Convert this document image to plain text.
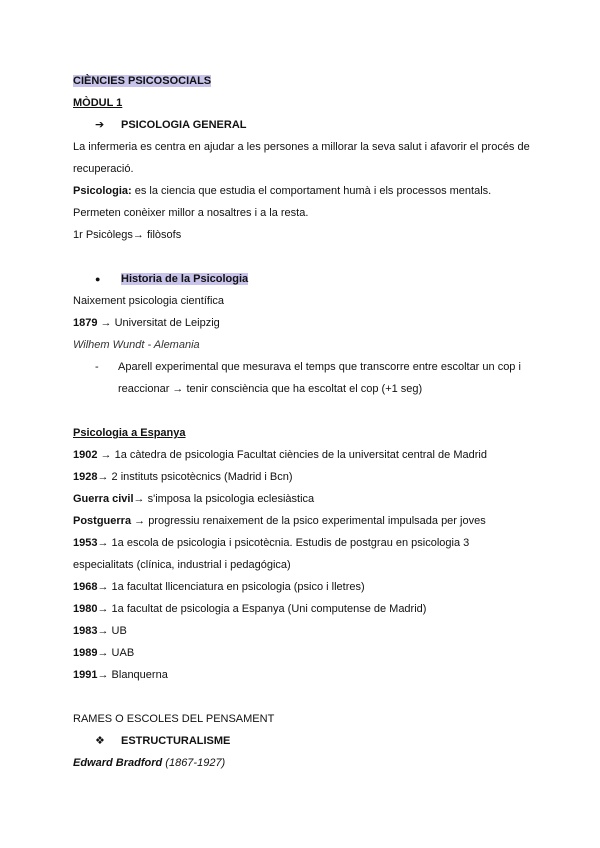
CIÈNCIES PSICOSOCIALS
MÒDUL 1
➔ PSICOLOGIA GENERAL
La infermeria es centra en ajudar a les persones a millorar la seva salut i afavorir el procés de
recuperació.
Psicologia: es la ciencia que estudia el comportament humà i els processos mentals.
Permeten conèixer millor a nosaltres i a la resta.
1r Psicòlegs→ filòsofs
● Historia de la Psicologia
Naixement psicologia científica
1879 → Universitat de Leipzig
Wilhem Wundt - Alemania
- Aparell experimental que mesurava el temps que transcorre entre escoltar un cop i
reaccionar → tenir consciència que ha escoltat el cop (+1 seg)
Psicologia a Espanya
1902 → 1a càtedra de psicologia Facultat ciències de la universitat central de Madrid
1928→ 2 instituts psicotècnics (Madrid i Bcn)
Guerra civil→ s'imposa la psicologia eclesiàstica
Postguerra → progressiu renaixement de la psico experimental impulsada per joves
1953→ 1a escola de psicologia i psicotècnia. Estudis de postgrau en psicologia 3
especialitats (clínica, industrial i pedagógica)
1968→ 1a facultat llicenciatura en psicologia (psico i lletres)
1980→ 1a facultat de psicologia a Espanya (Uni computense de Madrid)
1983→ UB
1989→ UAB
1991→ Blanquerna
RAMES O ESCOLES DEL PENSAMENT
❖ ESTRUCTURALISME
Edward Bradford (1867-1927)
